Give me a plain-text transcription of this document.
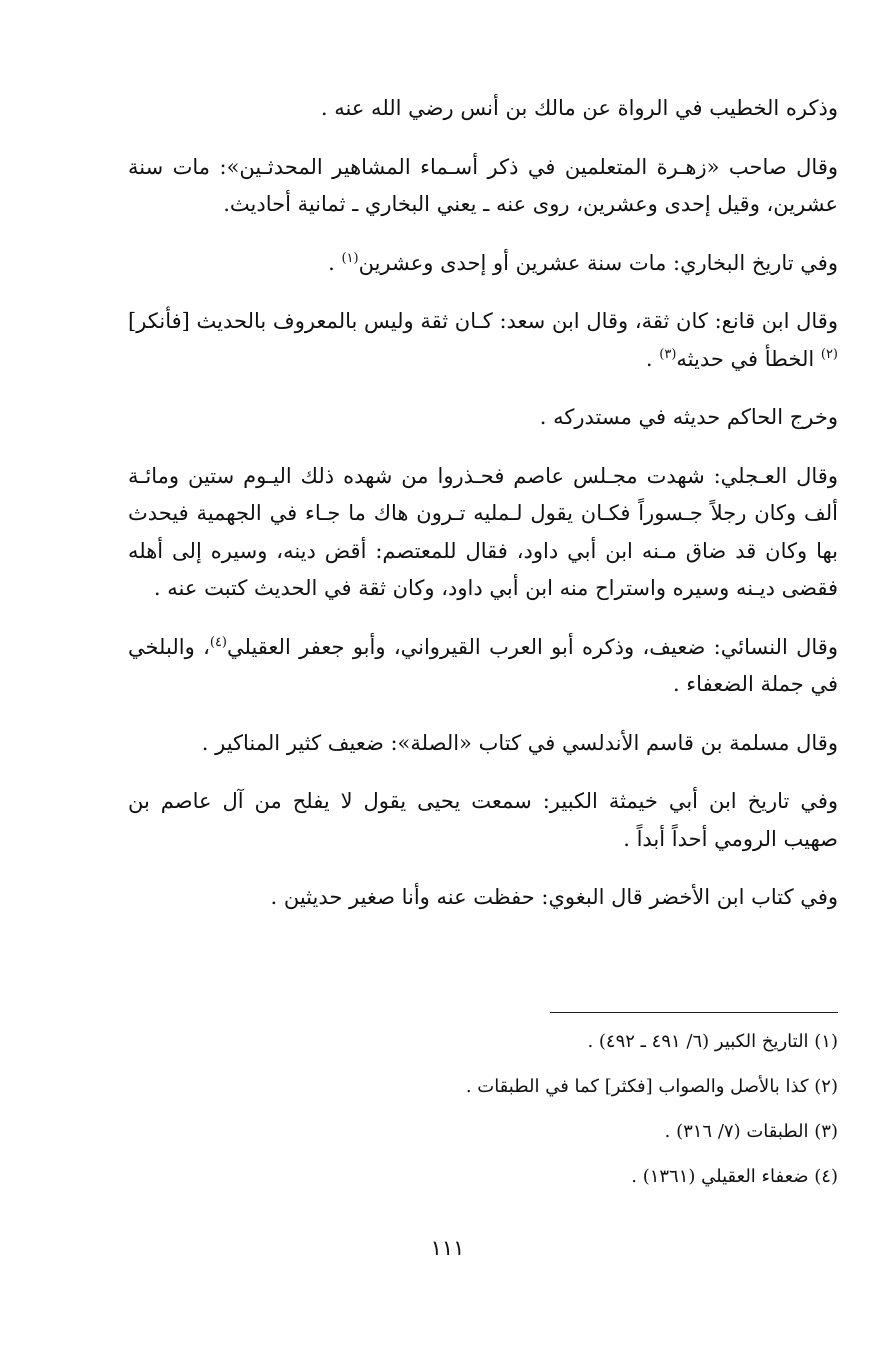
وذكره الخطيب في الرواة عن مالك بن أنس رضي الله عنه .

وقال صاحب «زهـرة المتعلمين في ذكر أسـماء المشاهير المحدثـين»: مات سنة عشرين، وقيل إحدى وعشرين، روى عنه ـ يعني البخاري ـ ثمانية أحاديث.

وفي تاريخ البخاري: مات سنة عشرين أو إحدى وعشرين$^{(١)}$ .

وقال ابن قانع: كان ثقة، وقال ابن سعد: كـان ثقة وليس بالمعروف بالحديث [فأنكر]$^{(٢)}$ الخطأ في حديثه$^{(٣)}$ .

وخرج الحاكم حديثه في مستدركه .

وقال العـجلي: شهدت مجـلس عاصم فحـذروا من شهده ذلك اليـوم ستين ومائـة ألف وكان رجلاً جـسوراً فكـان يقول لـمليه تـرون هاك ما جـاء في الجهمية فيحدث بها وكان قد ضاق مـنه ابن أبي داود، فقال للمعتصم: أقض دينه، وسيره إلى أهله فقضى ديـنه وسيره واستراح منه ابن أبي داود، وكان ثقة في الحديث كتبت عنه .

وقال النسائي: ضعيف، وذكره أبو العرب القيرواني، وأبو جعفر العقيلي$^{(٤)}$، والبلخي في جملة الضعفاء .

وقال مسلمة بن قاسم الأندلسي في كتاب «الصلة»: ضعيف كثير المناكير .

وفي تاريخ ابن أبي خيمثة الكبير: سمعت يحيى يقول لا يفلح من آل عاصم بن صهيب الرومي أحداً أبداً .

وفي كتاب ابن الأخضر قال البغوي: حفظت عنه وأنا صغير حديثين .

(١) التاريخ الكبير (٦/ ٤٩١ ـ ٤٩٢) .

(٢) كذا بالأصل والصواب [فكثر] كما في الطبقات .

(٣) الطبقات (٧/ ٣١٦) .

(٤) ضعفاء العقيلي (١٣٦١) .

١١١
